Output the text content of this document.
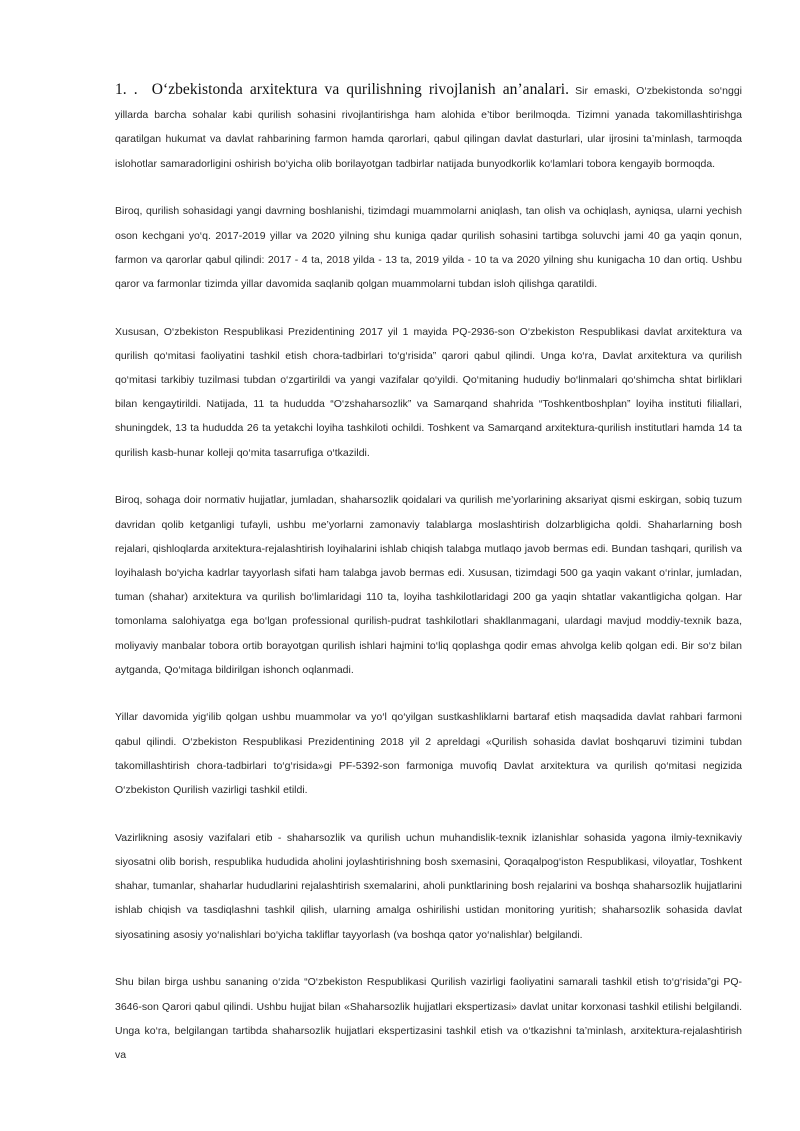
1. . O‘zbekistonda arxitektura va qurilishning rivojlanish an’analari. Sir emaski, O‘zbekistonda so‘nggi yillarda barcha sohalar kabi qurilish sohasini rivojlantirishga ham alohida e’tibor berilmoqda. Tizimni yanada takomillashtirishga qaratilgan hukumat va davlat rahbarining farmon hamda qarorlari, qabul qilingan davlat dasturlari, ular ijrosini ta’minlash, tarmoqda islohotlar samaradorligini oshirish bo‘yicha olib borilayotgan tadbirlar natijada bunyodkorlik ko‘lamlari tobora kengayib bormoqda.

Biroq, qurilish sohasidagi yangi davrning boshlanishi, tizimdagi muammolarni aniqlash, tan olish va ochiqlash, ayniqsa, ularni yechish oson kechgani yo‘q. 2017-2019 yillar va 2020 yilning shu kuniga qadar qurilish sohasini tartibga soluvchi jami 40 ga yaqin qonun, farmon va qarorlar qabul qilindi: 2017 - 4 ta, 2018 yilda - 13 ta, 2019 yilda - 10 ta va 2020 yilning shu kunigacha 10 dan ortiq. Ushbu qaror va farmonlar tizimda yillar davomida saqlanib qolgan muammolarni tubdan isloh qilishga qaratildi.

Xususan, O‘zbekiston Respublikasi Prezidentining 2017 yil 1 mayida PQ-2936-son O‘zbekiston Respublikasi davlat arxitektura va qurilish qo‘mitasi faoliyatini tashkil etish chora-tadbirlari to‘g‘risida” qarori qabul qilindi. Unga ko‘ra, Davlat arxitektura va qurilish qo‘mitasi tarkibiy tuzilmasi tubdan o‘zgartirildi va yangi vazifalar qo‘yildi. Qo‘mitaning hududiy bo‘linmalari qo‘shimcha shtat birliklari bilan kengaytirildi. Natijada, 11 ta hududda “O‘zshaharsozlik” va Samarqand shahrida “Toshkentboshplan” loyiha instituti filiallari, shuningdek, 13 ta hududda 26 ta yetakchi loyiha tashkiloti ochildi. Toshkent va Samarqand arxitektura-qurilish institutlari hamda 14 ta qurilish kasb-hunar kolleji qo‘mita tasarrufiga o‘tkazildi.

Biroq, sohaga doir normativ hujjatlar, jumladan, shaharsozlik qoidalari va qurilish me’yorlarining aksariyat qismi eskirgan, sobiq tuzum davridan qolib ketganligi tufayli, ushbu me’yorlarni zamonaviy talablarga moslashtirish dolzarbligicha qoldi. Shaharlarning bosh rejalari, qishloqlarda arxitektura-rejalashtirish loyihalarini ishlab chiqish talabga mutlaqo javob bermas edi. Bundan tashqari, qurilish va loyihalash bo‘yicha kadrlar tayyorlash sifati ham talabga javob bermas edi. Xususan, tizimdagi 500 ga yaqin vakant o‘rinlar, jumladan, tuman (shahar) arxitektura va qurilish bo‘limlaridagi 110 ta, loyiha tashkilotlaridagi 200 ga yaqin shtatlar vakantligicha qolgan. Har tomonlama salohiyatga ega bo‘lgan professional qurilish-pudrat tashkilotlari shakllanmagani, ulardagi mavjud moddiy-texnik baza, moliyaviy manbalar tobora ortib borayotgan qurilish ishlari hajmini to‘liq qoplashga qodir emas ahvolga kelib qolgan edi. Bir so‘z bilan aytganda, Qo‘mitaga bildirilgan ishonch oqlanmadi.

Yillar davomida yig‘ilib qolgan ushbu muammolar va yo‘l qo‘yilgan sustkashliklarni bartaraf etish maqsadida davlat rahbari farmoni qabul qilindi. O‘zbekiston Respublikasi Prezidentining 2018 yil 2 apreldagi «Qurilish sohasida davlat boshqaruvi tizimini tubdan takomillashtirish chora-tadbirlari to‘g‘risida»gi PF-5392-son farmoniga muvofiq Davlat arxitektura va qurilish qo‘mitasi negizida O‘zbekiston Qurilish vazirligi tashkil etildi.

Vazirlikning asosiy vazifalari etib - shaharsozlik va qurilish uchun muhandislik-texnik izlanishlar sohasida yagona ilmiy-texnikaviy siyosatni olib borish, respublika hududida aholini joylashtirishning bosh sxemasini, Qoraqalpog‘iston Respublikasi, viloyatlar, Toshkent shahar, tumanlar, shaharlar hududlarini rejalashtirish sxemalarini, aholi punktlarining bosh rejalarini va boshqa shaharsozlik hujjatlarini ishlab chiqish va tasdiqlashni tashkil qilish, ularning amalga oshirilishi ustidan monitoring yuritish; shaharsozlik sohasida davlat siyosatining asosiy yo‘nalishlari bo‘yicha takliflar tayyorlash (va boshqa qator yo‘nalishlar) belgilandi.

Shu bilan birga ushbu sananing o‘zida “O‘zbekiston Respublikasi Qurilish vazirligi faoliyatini samarali tashkil etish to‘g‘risida”gi PQ-3646-son Qarori qabul qilindi. Ushbu hujjat bilan «Shaharsozlik hujjatlari ekspertizasi» davlat unitar korxonasi tashkil etilishi belgilandi. Unga ko‘ra, belgilangan tartibda shaharsozlik hujjatlari ekspertizasini tashkil etish va o‘tkazishni ta’minlash, arxitektura-rejalashtirish va
